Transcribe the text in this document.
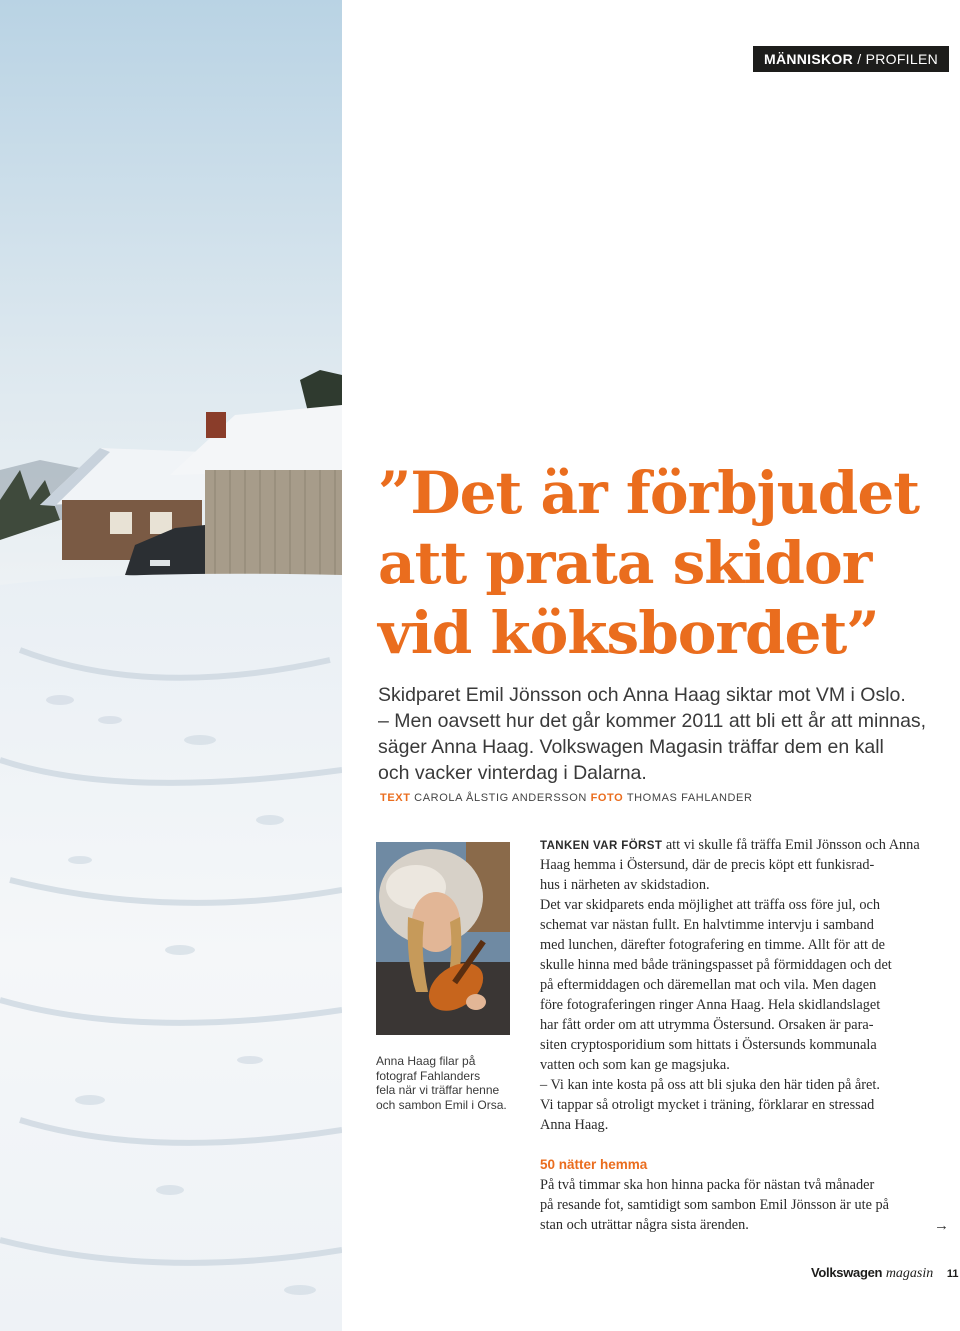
MÄNNISKOR / PROFILEN
”Det är förbjudet
att prata skidor
vid köksbordet”
Skidparet Emil Jönsson och Anna Haag siktar mot VM i Oslo.
– Men oavsett hur det går kommer 2011 att bli ett år att minnas,
säger Anna Haag. Volkswagen Magasin träffar dem en kall
och vacker vinterdag i Dalarna.
TEXT CAROLA ÅLSTIG ANDERSSON FOTO THOMAS FAHLANDER
Anna Haag filar på
fotograf Fahlanders
fela när vi träffar henne
och sambon Emil i Orsa.
TANKEN VAR FÖRST att vi skulle få träffa Emil Jönsson och Anna
Haag hemma i Östersund, där de precis köpt ett funkisrad-
hus i närheten av skidstadion.
Det var skidparets enda möjlighet att träffa oss före jul, och
schemat var nästan fullt. En halvtimme intervju i samband
med lunchen, därefter fotografering en timme. Allt för att de
skulle hinna med både träningspasset på förmiddagen och det
på eftermiddagen och däremellan mat och vila. Men dagen
före fotograferingen ringer Anna Haag. Hela skidlandslaget
har fått order om att utrymma Östersund. Orsaken är para-
siten cryptosporidium som hittats i Östersunds kommunala
vatten och som kan ge magsjuka.
– Vi kan inte kosta på oss att bli sjuka den här tiden på året.
Vi tappar så otroligt mycket i träning, förklarar en stressad
Anna Haag.
50 nätter hemma
På två timmar ska hon hinna packa för nästan två månader
på resande fot, samtidigt som sambon Emil Jönsson är ute på
stan och uträttar några sista ärenden.	→
Volkswagen magasin 11
